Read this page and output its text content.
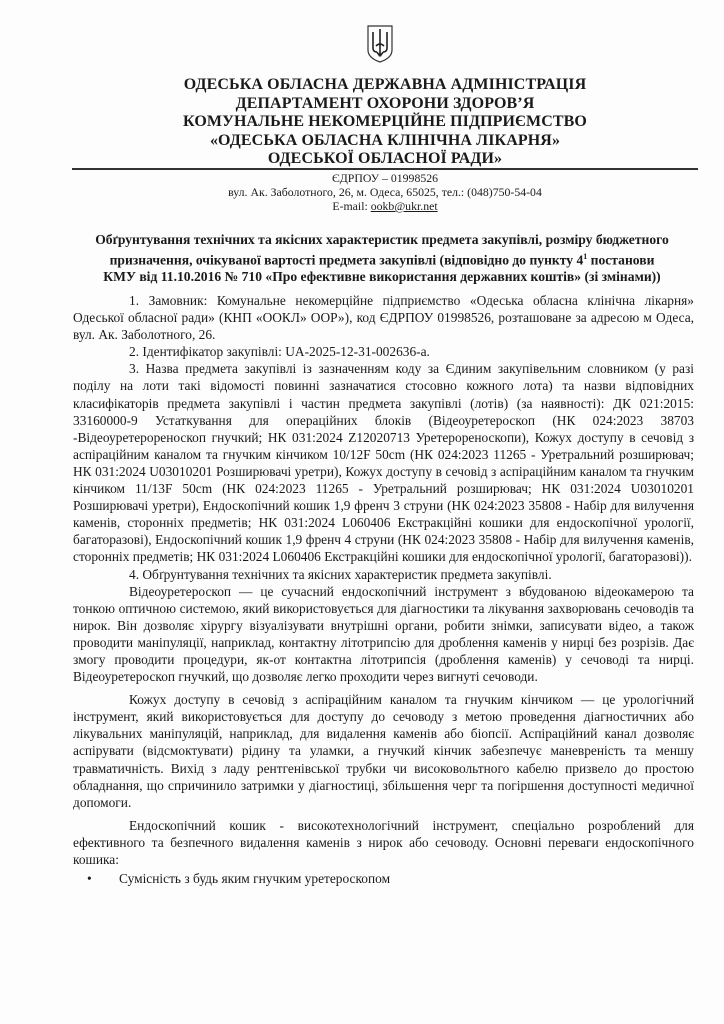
ОДЕСЬКА ОБЛАСНА ДЕРЖАВНА АДМІНІСТРАЦІЯ
ДЕПАРТАМЕНТ ОХОРОНИ ЗДОРОВ’Я
КОМУНАЛЬНЕ НЕКОМЕРЦІЙНЕ ПІДПРИЄМСТВО
«ОДЕСЬКА ОБЛАСНА КЛІНІЧНА ЛІКАРНЯ»
ОДЕСЬКОЇ ОБЛАСНОЇ РАДИ»
ЄДРПОУ – 01998526
вул. Ак. Заболотного, 26, м. Одеса, 65025, тел.: (048)750-54-04
E-mail: ookb@ukr.net
Обґрунтування технічних та якісних характеристик предмета закупівлі, розміру бюджетного
призначення, очікуваної вартості предмета закупівлі (відповідно до пункту $4^1$ постанови
КМУ від 11.10.2016 № 710 «Про ефективне використання державних коштів» (зі змінами))

1. Замовник: Комунальне некомерційне підприємство «Одеська обласна клінічна лікарня» Одеської обласної ради» (КНП «ООКЛ» ООР»), код ЄДРПОУ 01998526, розташоване за адресою м Одеса, вул. Ак. Заболотного, 26.

2. Ідентифікатор закупівлі: UA-2025-12-31-002636-a.

3. Назва предмета закупівлі із зазначенням коду за Єдиним закупівельним словником (у разі поділу на лоти такі відомості повинні зазначатися стосовно кожного лота) та назви відповідних класифікаторів предмета закупівлі і частин предмета закупівлі (лотів) (за наявності): ДК 021:2015: 33160000-9 Устаткування для операційних блоків (Відеоуретероскоп (НК 024:2023 38703 -Відеоуретерореноскоп гнучкий; НК 031:2024 Z12020713 Уретерореноскопи), Кожух доступу в сечовід з аспіраційним каналом та гнучким кінчиком 10/12F 50cm (НК 024:2023 11265 - Уретральний розширювач; НК 031:2024 U03010201 Розширювачі уретри), Кожух доступу в сечовід з аспіраційним каналом та гнучким кінчиком 11/13F 50cm (НК 024:2023 11265 - Уретральний розширювач; НК 031:2024 U03010201 Розширювачі уретри), Ендоскопічний кошик 1,9 френч 3 струни (НК 024:2023 35808 - Набір для вилучення каменів, сторонніх предметів; НК 031:2024 L060406 Екстракційні кошики для ендоскопічної урології, багаторазові), Ендоскопічний кошик 1,9 френч 4 струни (НК 024:2023 35808 - Набір для вилучення каменів, сторонніх предметів; НК 031:2024 L060406 Екстракційні кошики для ендоскопічної урології, багаторазові)).

4. Обґрунтування технічних та якісних характеристик предмета закупівлі.

Відеоуретероскоп — це сучасний ендоскопічний інструмент з вбудованою відеокамерою та тонкою оптичною системою, який використовується для діагностики та лікування захворювань сечоводів та нирок. Він дозволяє хірургу візуалізувати внутрішні органи, робити знімки, записувати відео, а також проводити маніпуляції, наприклад, контактну літотрипсію для дроблення каменів у нирці без розрізів. Дає змогу проводити процедури, як-от контактна літотрипсія (дроблення каменів) у сечоводі та нирці. Відеоуретероскоп гнучкий, що дозволяє легко проходити через вигнуті сечоводи.

Кожух доступу в сечовід з аспіраційним каналом та гнучким кінчиком — це урологічний інструмент, який використовується для доступу до сечоводу з метою проведення діагностичних або лікувальних маніпуляцій, наприклад, для видалення каменів або біопсії. Аспіраційний канал дозволяє аспірувати (відсмоктувати) рідину та уламки, а гнучкий кінчик забезпечує маневреність та меншу травматичність. Вихід з ладу рентгенівської трубки чи високовольтного кабелю призвело до простою обладнання, що спричинило затримки у діагностиці, збільшення черг та погіршення доступності медичної допомоги.

Ендоскопічний кошик - високотехнологічний інструмент, спеціально розроблений для ефективного та безпечного видалення каменів з нирок або сечоводу. Основні переваги ендоскопічного кошика:

•	Сумісність з будь яким гнучким уретероскопом
